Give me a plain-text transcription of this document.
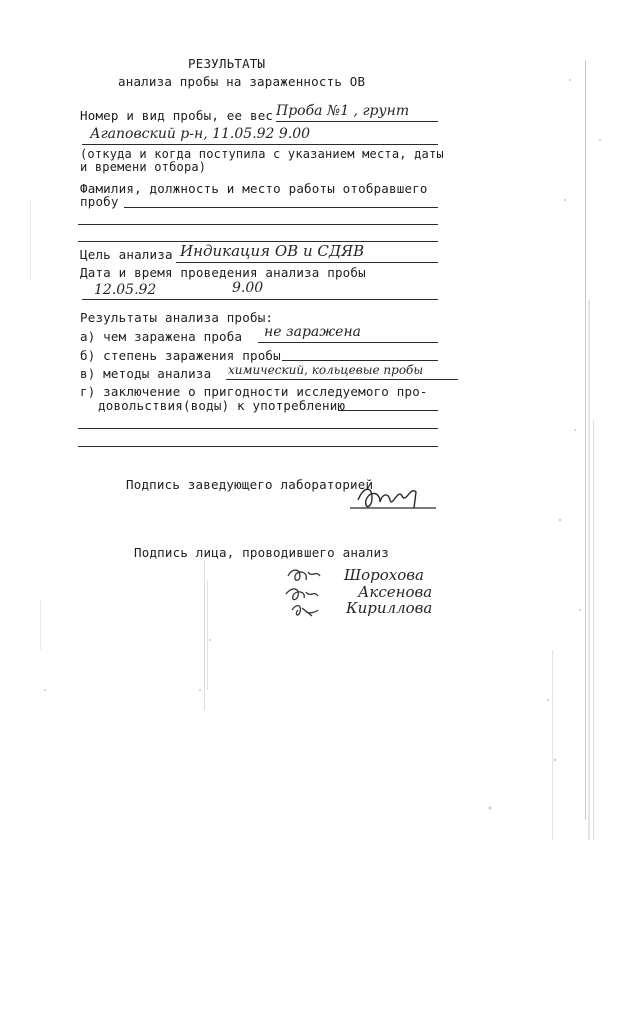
РЕЗУЛЬТАТЫ
анализа пробы на зараженность ОВ
Номер и вид пробы, ее вес Проба №1 , грунт
Агаповский р-н, 11.05.92 9.00
(откуда и когда поступила с указанием места, даты
и времени отбора)
Фамилия, должность и место работы отобравшего
пробу
Цель анализа Индикация ОВ и СДЯВ
Дата и время проведения анализа пробы
12.05.92	9.00
Результаты анализа пробы:
а) чем заражена проба не заражена
б) степень заражения пробы
в) методы анализа химический, кольцевые пробы
г) заключение о пригодности исследуемого про-
довольствия(воды) к употреблению
Подпись заведующего лабораторией
Подпись лица, проводившего анализ
Шорохова
Аксенова
Кириллова
